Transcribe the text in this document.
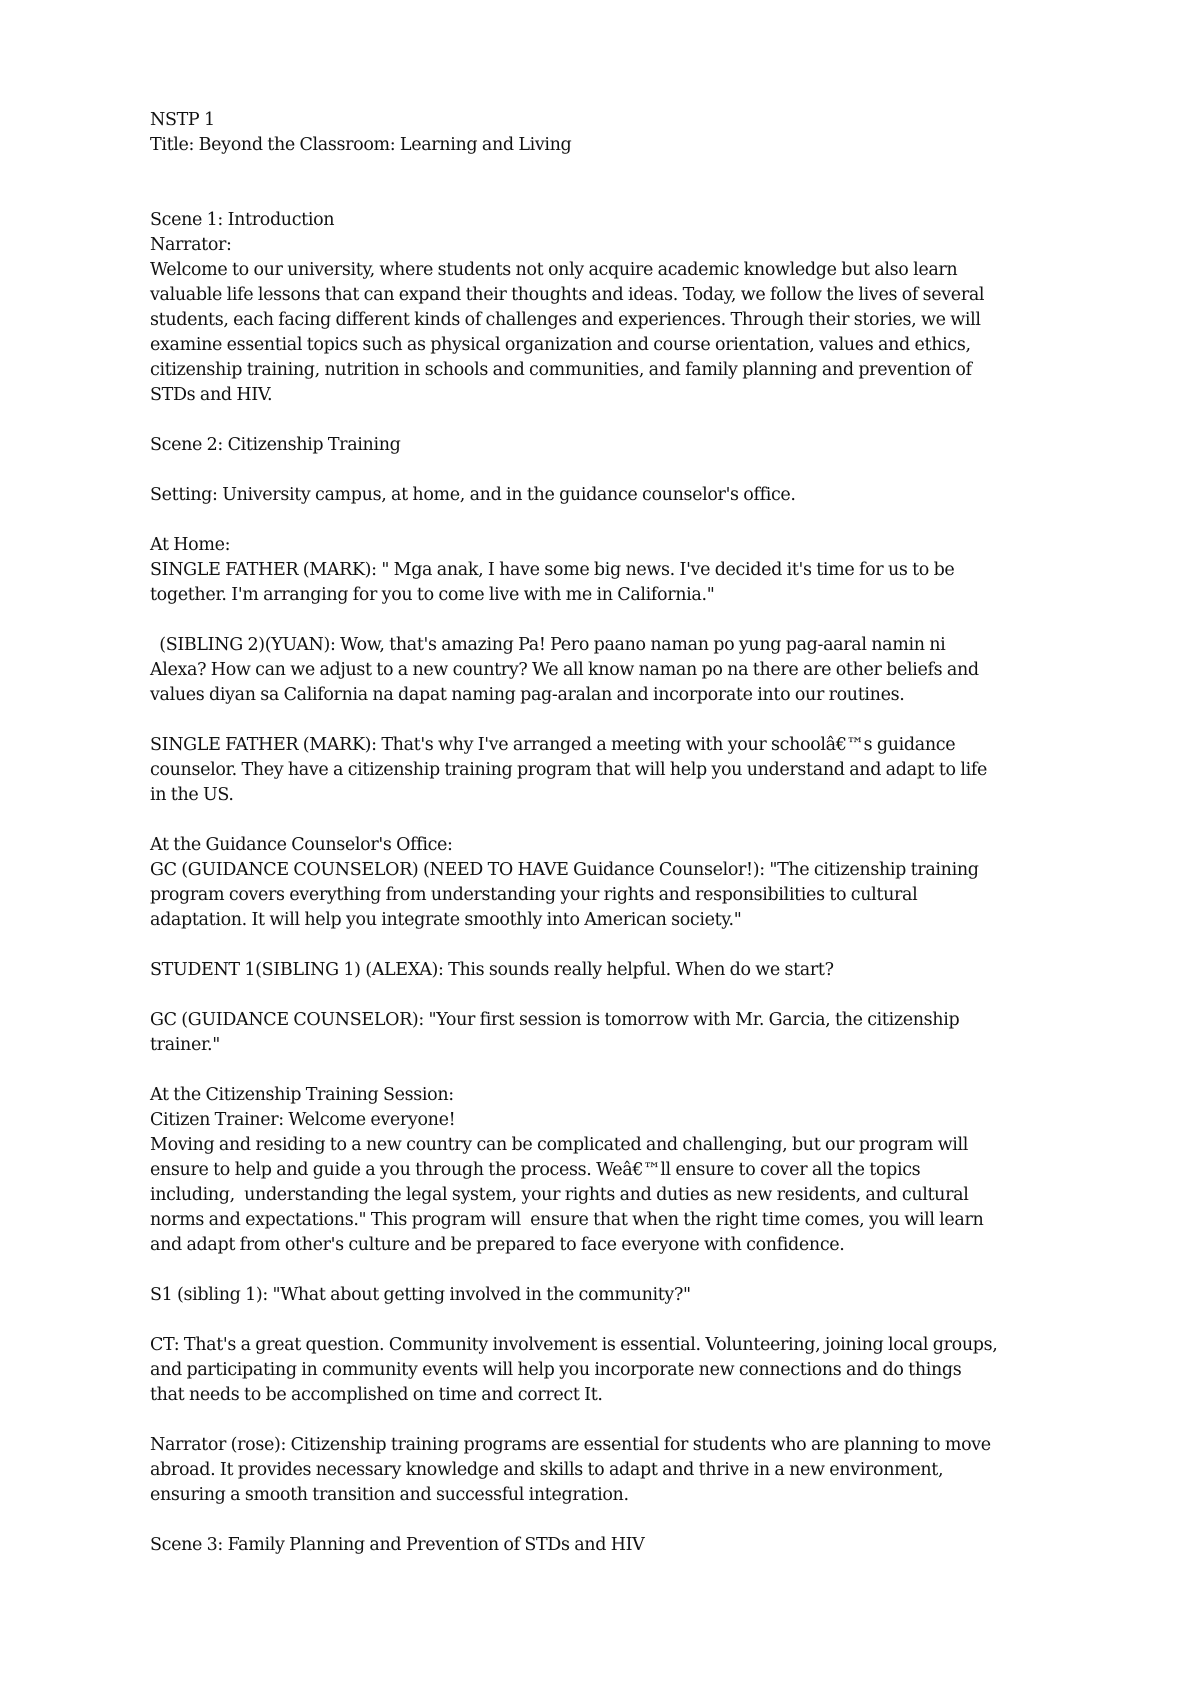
NSTP 1
Title: Beyond the Classroom: Learning and Living
Scene 1: Introduction
Narrator:
Welcome to our university, where students not only acquire academic knowledge but also learn
valuable life lessons that can expand their thoughts and ideas. Today, we follow the lives of several
students, each facing different kinds of challenges and experiences. Through their stories, we will
examine essential topics such as physical organization and course orientation, values and ethics,
citizenship training, nutrition in schools and communities, and family planning and prevention of
STDs and HIV.
Scene 2: Citizenship Training
Setting: University campus, at home, and in the guidance counselor's office.
At Home:
SINGLE FATHER (MARK): " Mga anak, I have some big news. I've decided it's time for us to be
together. I'm arranging for you to come live with me in California."
(SIBLING 2)(YUAN): Wow, that's amazing Pa! Pero paano naman po yung pag-aaral namin ni
Alexa? How can we adjust to a new country? We all know naman po na there are other beliefs and
values diyan sa California na dapat naming pag-aralan and incorporate into our routines.
SINGLE FATHER (MARK): That's why I've arranged a meeting with your schoolâ€™s guidance
counselor. They have a citizenship training program that will help you understand and adapt to life
in the US.
At the Guidance Counselor's Office:
GC (GUIDANCE COUNSELOR) (NEED TO HAVE Guidance Counselor!): "The citizenship training
program covers everything from understanding your rights and responsibilities to cultural
adaptation. It will help you integrate smoothly into American society."
STUDENT 1(SIBLING 1) (ALEXA): This sounds really helpful. When do we start?
GC (GUIDANCE COUNSELOR): "Your first session is tomorrow with Mr. Garcia, the citizenship
trainer."
At the Citizenship Training Session:
Citizen Trainer: Welcome everyone!
Moving and residing to a new country can be complicated and challenging, but our program will
ensure to help and guide a you through the process. Weâ€™ll ensure to cover all the topics
including,  understanding the legal system, your rights and duties as new residents, and cultural
norms and expectations." This program will  ensure that when the right time comes, you will learn
and adapt from other's culture and be prepared to face everyone with confidence.
S1 (sibling 1): "What about getting involved in the community?"
CT: That's a great question. Community involvement is essential. Volunteering, joining local groups,
and participating in community events will help you incorporate new connections and do things
that needs to be accomplished on time and correct It.
Narrator (rose): Citizenship training programs are essential for students who are planning to move
abroad. It provides necessary knowledge and skills to adapt and thrive in a new environment,
ensuring a smooth transition and successful integration.
Scene 3: Family Planning and Prevention of STDs and HIV
